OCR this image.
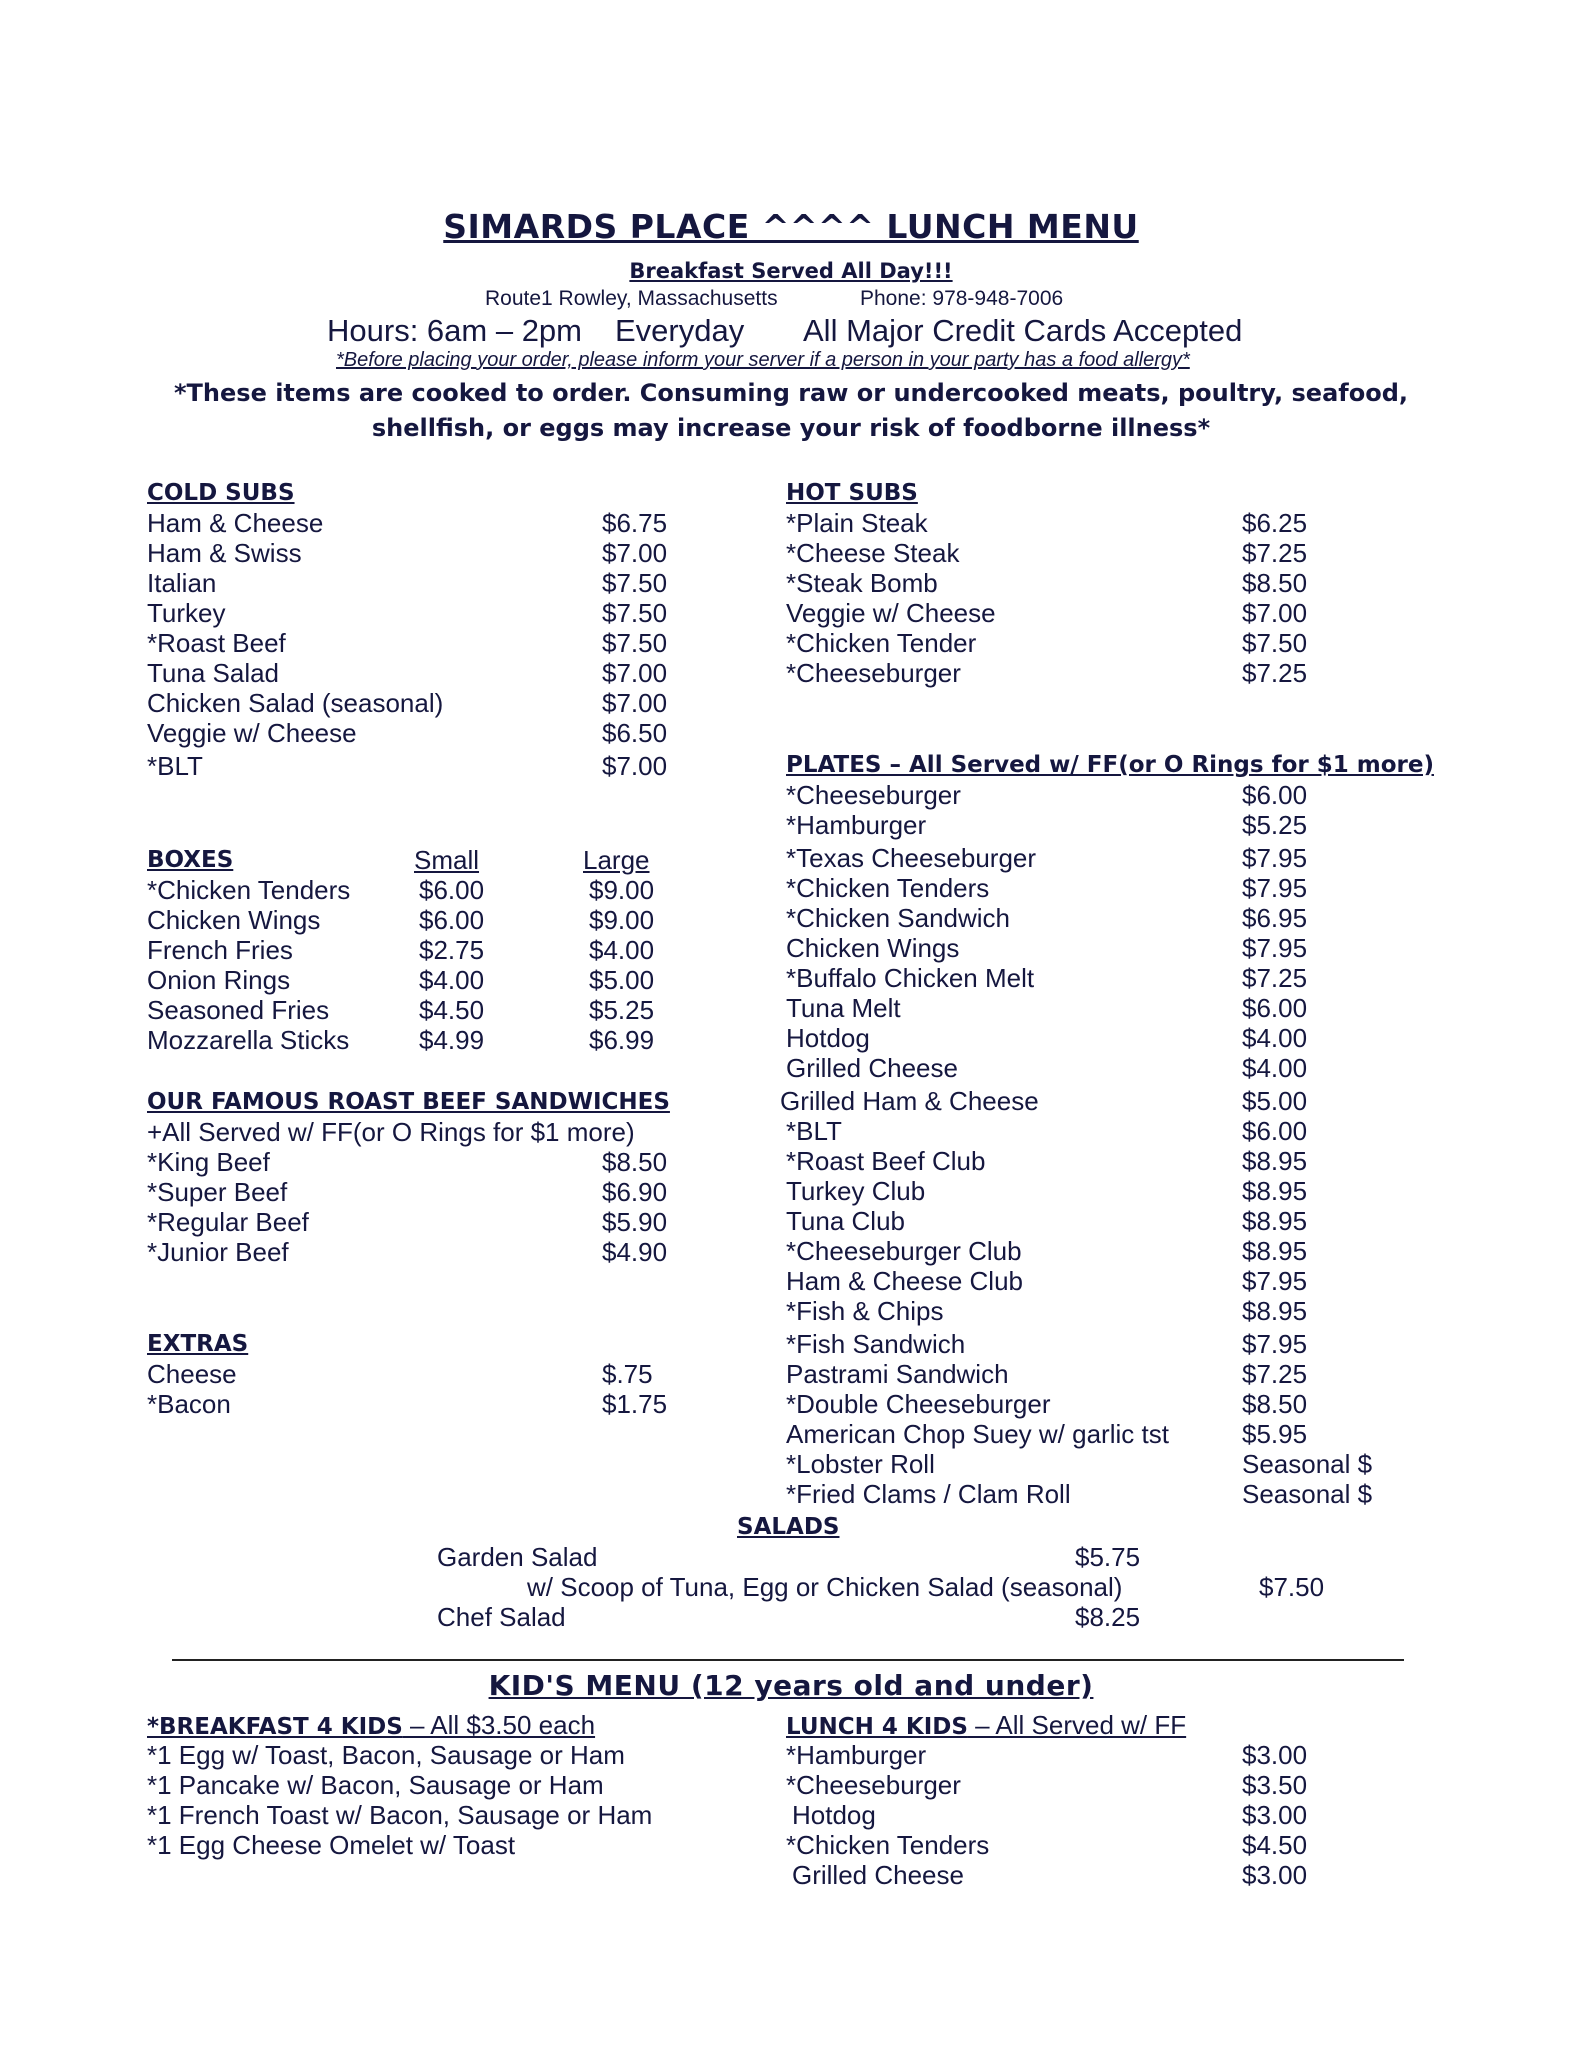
SIMARDS PLACE ^^^^ LUNCH MENU
Breakfast Served All Day!!!
Route1 Rowley, Massachusetts	Phone: 978-948-7006
Hours: 6am – 2pm Everyday All Major Credit Cards Accepted
*Before placing your order, please inform your server if a person in your party has a food allergy*
*These items are cooked to order. Consuming raw or undercooked meats, poultry, seafood,
shellfish, or eggs may increase your risk of foodborne illness*
COLD SUBS
Ham & Cheese	$6.75
Ham & Swiss	$7.00
Italian	$7.50
Turkey	$7.50
*Roast Beef	$7.50
Tuna Salad	$7.00
Chicken Salad (seasonal)	$7.00
Veggie w/ Cheese	$6.50
*BLT	$7.00
BOXES	Small	Large
*Chicken Tenders	$6.00	$9.00
Chicken Wings	$6.00	$9.00
French Fries	$2.75	$4.00
Onion Rings	$4.00	$5.00
Seasoned Fries	$4.50	$5.25
Mozzarella Sticks	$4.99	$6.99
OUR FAMOUS ROAST BEEF SANDWICHES
+All Served w/ FF(or O Rings for $1 more)
*King Beef	$8.50
*Super Beef	$6.90
*Regular Beef	$5.90
*Junior Beef	$4.90
EXTRAS
Cheese	$.75
*Bacon	$1.75
HOT SUBS
*Plain Steak	$6.25
*Cheese Steak	$7.25
*Steak Bomb	$8.50
Veggie w/ Cheese	$7.00
*Chicken Tender	$7.50
*Cheeseburger	$7.25
PLATES – All Served w/ FF(or O Rings for $1 more)
*Cheeseburger	$6.00
*Hamburger	$5.25
*Texas Cheeseburger	$7.95
*Chicken Tenders	$7.95
*Chicken Sandwich	$6.95
Chicken Wings	$7.95
*Buffalo Chicken Melt	$7.25
Tuna Melt	$6.00
Hotdog	$4.00
Grilled Cheese	$4.00
Grilled Ham & Cheese	$5.00
*BLT	$6.00
*Roast Beef Club	$8.95
Turkey Club	$8.95
Tuna Club	$8.95
*Cheeseburger Club	$8.95
Ham & Cheese Club	$7.95
*Fish & Chips	$8.95
*Fish Sandwich	$7.95
Pastrami Sandwich	$7.25
*Double Cheeseburger	$8.50
American Chop Suey w/ garlic tst	$5.95
*Lobster Roll	Seasonal $
*Fried Clams / Clam Roll	Seasonal $
SALADS
Garden Salad	$5.75
w/ Scoop of Tuna, Egg or Chicken Salad (seasonal)	$7.50
Chef Salad	$8.25
KID'S MENU (12 years old and under)
*BREAKFAST 4 KIDS – All $3.50 each
*1 Egg w/ Toast, Bacon, Sausage or Ham
*1 Pancake w/ Bacon, Sausage or Ham
*1 French Toast w/ Bacon, Sausage or Ham
*1 Egg Cheese Omelet w/ Toast
LUNCH 4 KIDS – All Served w/ FF
*Hamburger	$3.00
*Cheeseburger	$3.50
Hotdog	$3.00
*Chicken Tenders	$4.50
Grilled Cheese	$3.00
